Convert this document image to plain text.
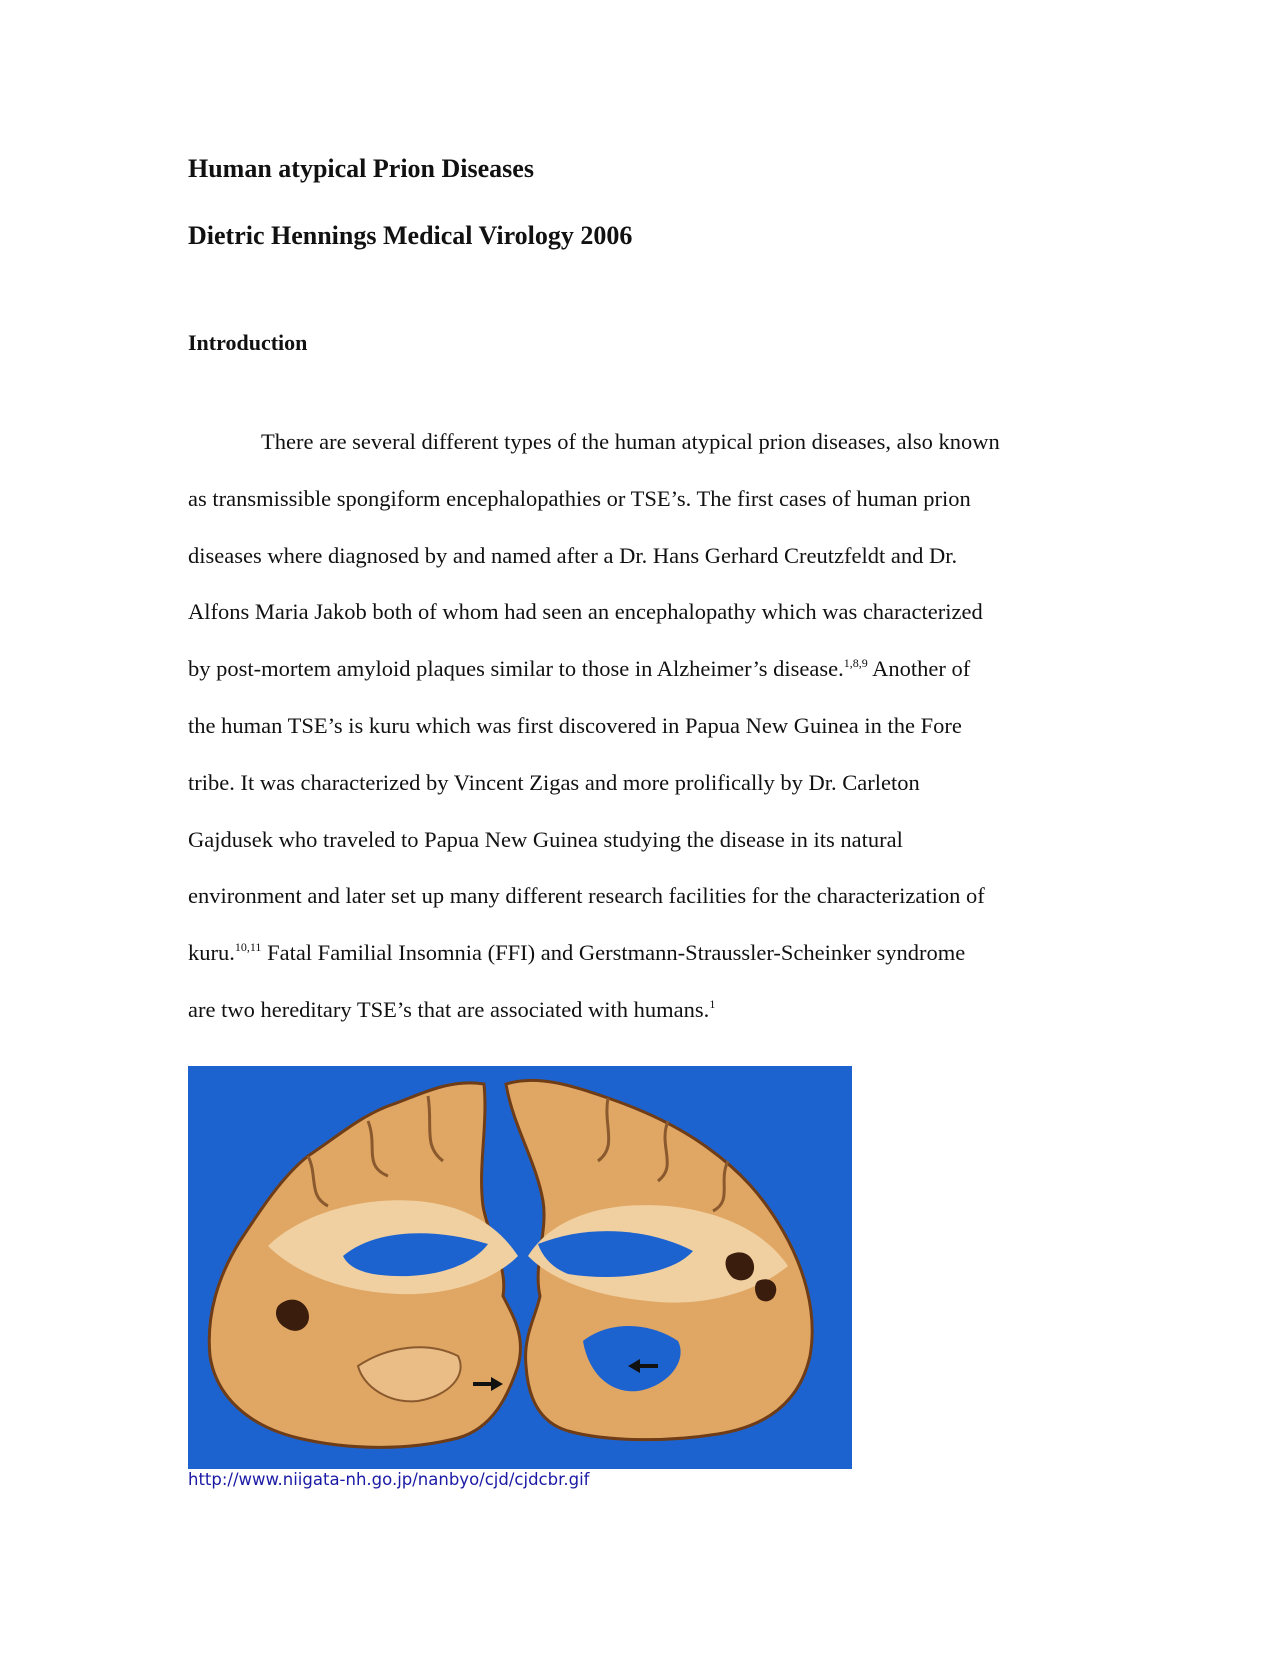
Human atypical Prion Diseases
Dietric Hennings Medical Virology 2006
Introduction
There are several different types of the human atypical prion diseases, also known
as transmissible spongiform encephalopathies or TSE’s. The first cases of human prion
diseases where diagnosed by and named after a Dr. Hans Gerhard Creutzfeldt and Dr.
Alfons Maria Jakob both of whom had seen an encephalopathy which was characterized
by post-mortem amyloid plaques similar to those in Alzheimer’s disease.$^{1,8,9}$ Another of
the human TSE’s is kuru which was first discovered in Papua New Guinea in the Fore
tribe. It was characterized by Vincent Zigas and more prolifically by Dr. Carleton
Gajdusek who traveled to Papua New Guinea studying the disease in its natural
environment and later set up many different research facilities for the characterization of
kuru.$^{10,11}$ Fatal Familial Insomnia (FFI) and Gerstmann-Straussler-Scheinker syndrome
are two hereditary TSE’s that are associated with humans.$^1$
http://www.niigata-nh.go.jp/nanbyo/cjd/cjdcbr.gif
